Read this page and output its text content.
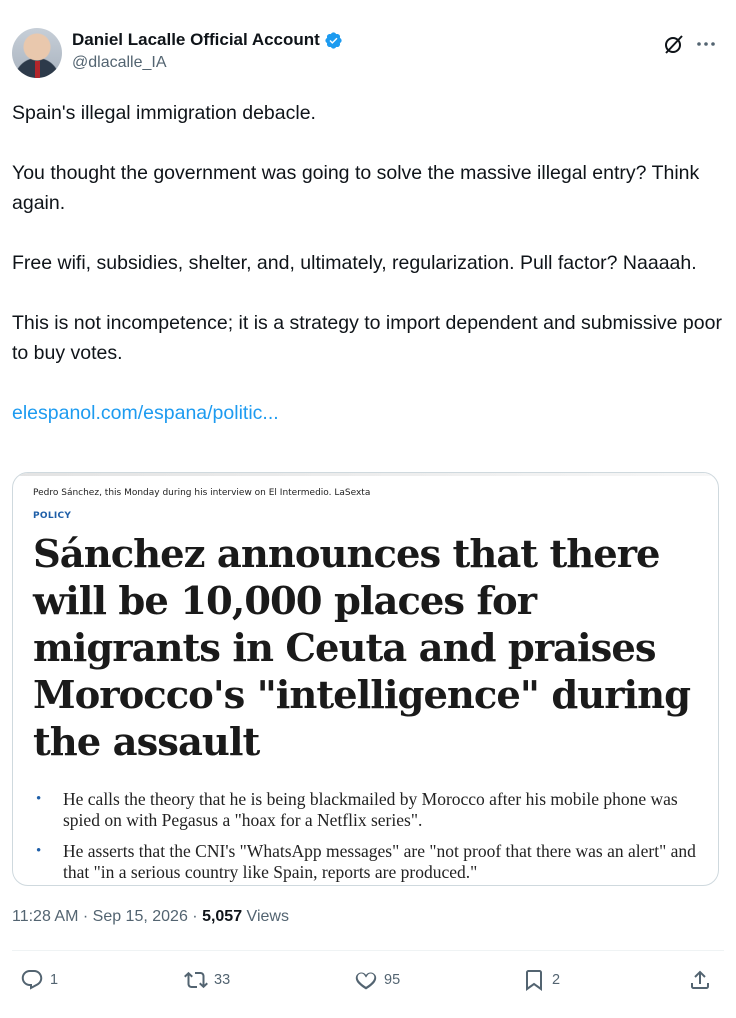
Daniel Lacalle Official Account
@dlacalle_IA

Spain's illegal immigration debacle.

You thought the government was going to solve the massive illegal entry? Think again.

Free wifi, subsidies, shelter, and, ultimately, regularization. Pull factor? Naaaah.

This is not incompetence; it is a strategy to import dependent and submissive poor to buy votes.

elespanol.com/espana/politic...

Pedro Sánchez, this Monday during his interview on El Intermedio. LaSexta
POLICY
Sánchez announces that there will be 10,000 places for migrants in Ceuta and praises Morocco's "intelligence" during the assault
• He calls the theory that he is being blackmailed by Morocco after his mobile phone was spied on with Pegasus a "hoax for a Netflix series".
• He asserts that the CNI's "WhatsApp messages" are "not proof that there was an alert" and that "in a serious country like Spain, reports are produced."
11:28 AM · Sep 15, 2026 · 5,057 Views
1	33	95	2
